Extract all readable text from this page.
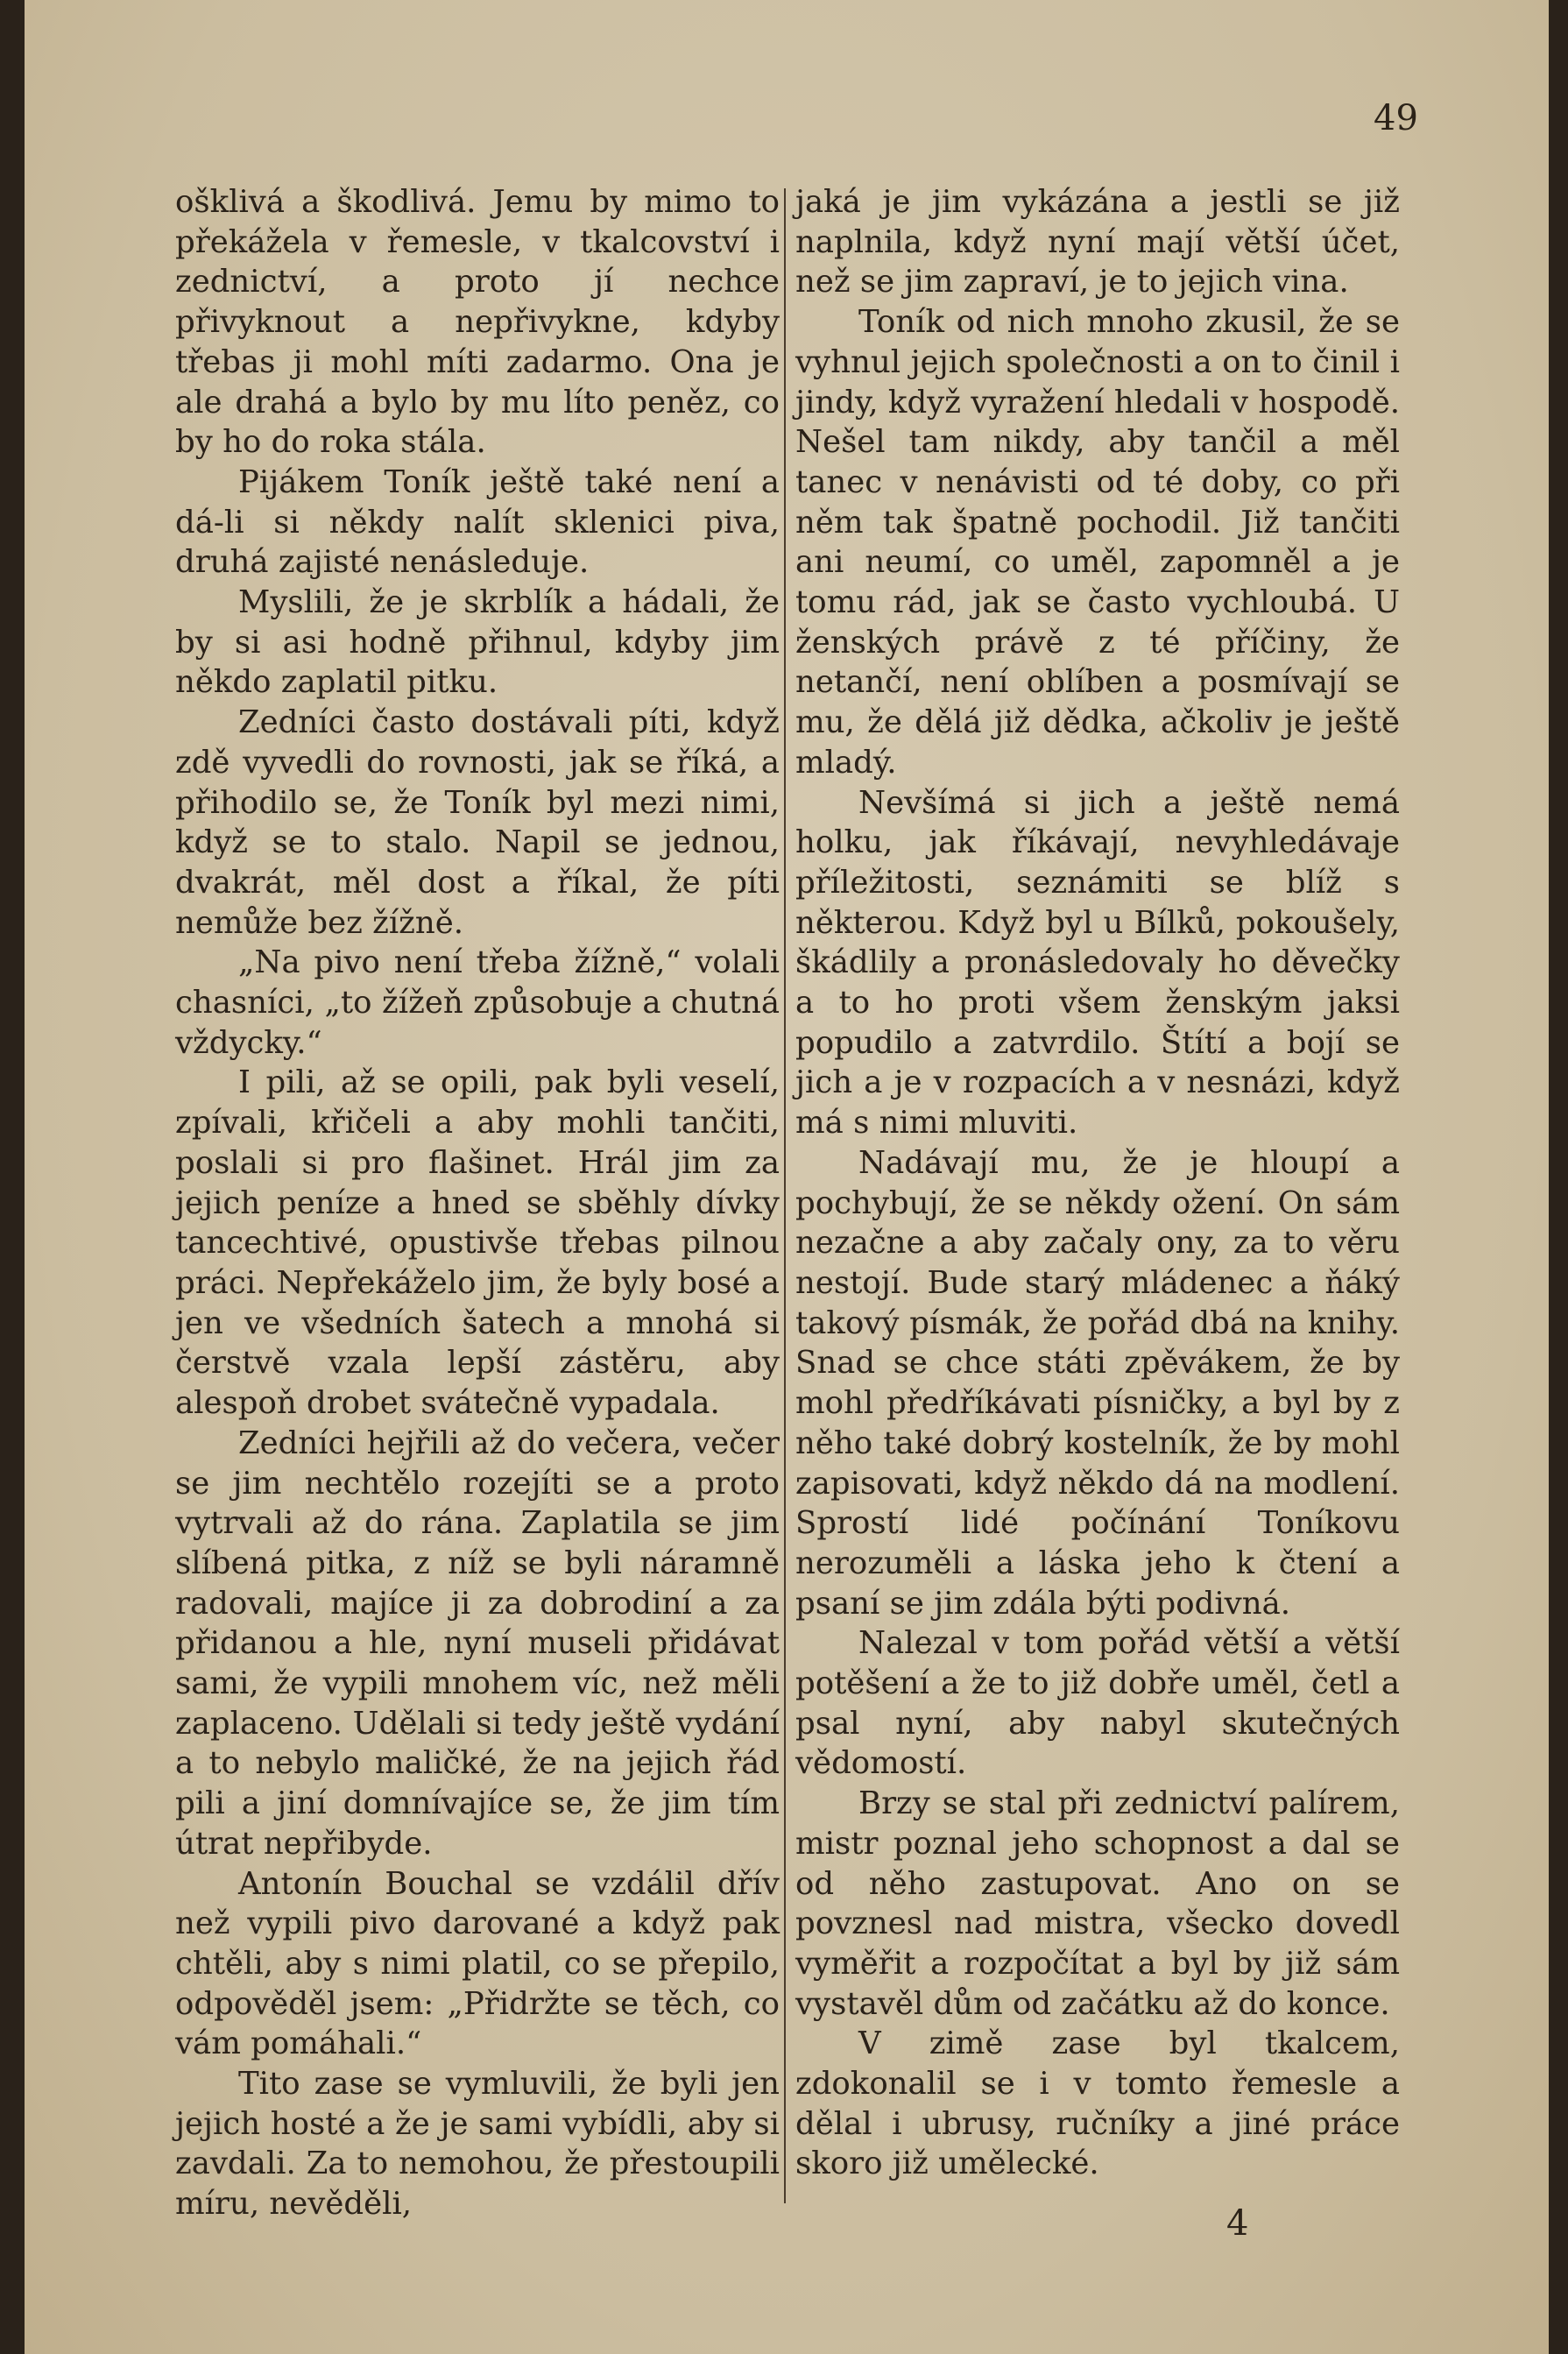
49

ošklivá a škodlivá. Jemu by mimo to překážela v řemesle, v tkalcovství i zednictví, a proto jí nechce přivyknout a nepřivykne, kdyby třebas ji mohl míti zadarmo. Ona je ale drahá a bylo by mu líto peněz, co by ho do roka stála.

Pijákem Toník ještě také není a dá-li si někdy nalít sklenici piva, druhá zajisté nenásleduje.

Myslili, že je skrblík a hádali, že by si asi hodně přihnul, kdyby jim někdo zaplatil pitku.

Zedníci často dostávali píti, když zdě vyvedli do rovnosti, jak se říká, a přihodilo se, že Toník byl mezi nimi, když se to stalo. Napil se jednou, dvakrát, měl dost a říkal, že píti nemůže bez žížně.

„Na pivo není třeba žížně,“ volali chasníci, „to žížeň způsobuje a chutná vždycky.“

I pili, až se opili, pak byli veselí, zpívali, křičeli a aby mohli tančiti, poslali si pro flašinet. Hrál jim za jejich peníze a hned se sběhly dívky tancechtivé, opustivše třebas pilnou práci. Nepřekáželo jim, že byly bosé a jen ve všedních šatech a mnohá si čerstvě vzala lepší zástěru, aby alespoň drobet svátečně vypadala.

Zedníci hejřili až do večera, večer se jim nechtělo rozejíti se a proto vytrvali až do rána. Zaplatila se jim slíbená pitka, z níž se byli náramně radovali, majíce ji za dobrodiní a za přidanou a hle, nyní museli přidávat sami, že vypili mnohem víc, než měli zaplaceno. Udělali si tedy ještě vydání a to nebylo maličké, že na jejich řád pili a jiní domnívajíce se, že jim tím útrat nepřibyde.

Antonín Bouchal se vzdálil dřív než vypili pivo darované a když pak chtěli, aby s nimi platil, co se přepilo, odpověděl jsem: „Přidržte se těch, co vám pomáhali.“

Tito zase se vymluvili, že byli jen jejich hosté a že je sami vybídli, aby si zavdali. Za to nemohou, že přestoupili míru, nevěděli,

jaká je jim vykázána a jestli se již naplnila, když nyní mají větší účet, než se jim zapraví, je to jejich vina.

Toník od nich mnoho zkusil, že se vyhnul jejich společnosti a on to činil i jindy, když vyražení hledali v hospodě. Nešel tam nikdy, aby tančil a měl tanec v nenávisti od té doby, co při něm tak špatně pochodil. Již tančiti ani neumí, co uměl, zapomněl a je tomu rád, jak se často vychloubá. U ženských právě z té příčiny, že netančí, není oblíben a posmívají se mu, že dělá již dědka, ačkoliv je ještě mladý.

Nevšímá si jich a ještě nemá holku, jak říkávají, nevyhledávaje příležitosti, seznámiti se blíž s některou. Když byl u Bílků, pokoušely, škádlily a pronásledovaly ho děvečky a to ho proti všem ženským jaksi popudilo a zatvrdilo. Štítí a bojí se jich a je v rozpacích a v nesnázi, když má s nimi mluviti.

Nadávají mu, že je hloupí a pochybují, že se někdy ožení. On sám nezačne a aby začaly ony, za to věru nestojí. Bude starý mládenec a ňáký takový písmák, že pořád dbá na knihy. Snad se chce státi zpěvákem, že by mohl předříkávati písničky, a byl by z něho také dobrý kostelník, že by mohl zapisovati, když někdo dá na modlení. Sprostí lidé počínání Toníkovu nerozuměli a láska jeho k čtení a psaní se jim zdála býti podivná.

Nalezal v tom pořád větší a větší potěšení a že to již dobře uměl, četl a psal nyní, aby nabyl skutečných vědomostí.

Brzy se stal při zednictví palírem, mistr poznal jeho schopnost a dal se od něho zastupovat. Ano on se povznesl nad mistra, všecko dovedl vyměřit a rozpočítat a byl by již sám vystavěl dům od začátku až do konce.

V zimě zase byl tkalcem, zdokonalil se i v tomto řemesle a dělal i ubrusy, ručníky a jiné práce skoro již umělecké.

4
